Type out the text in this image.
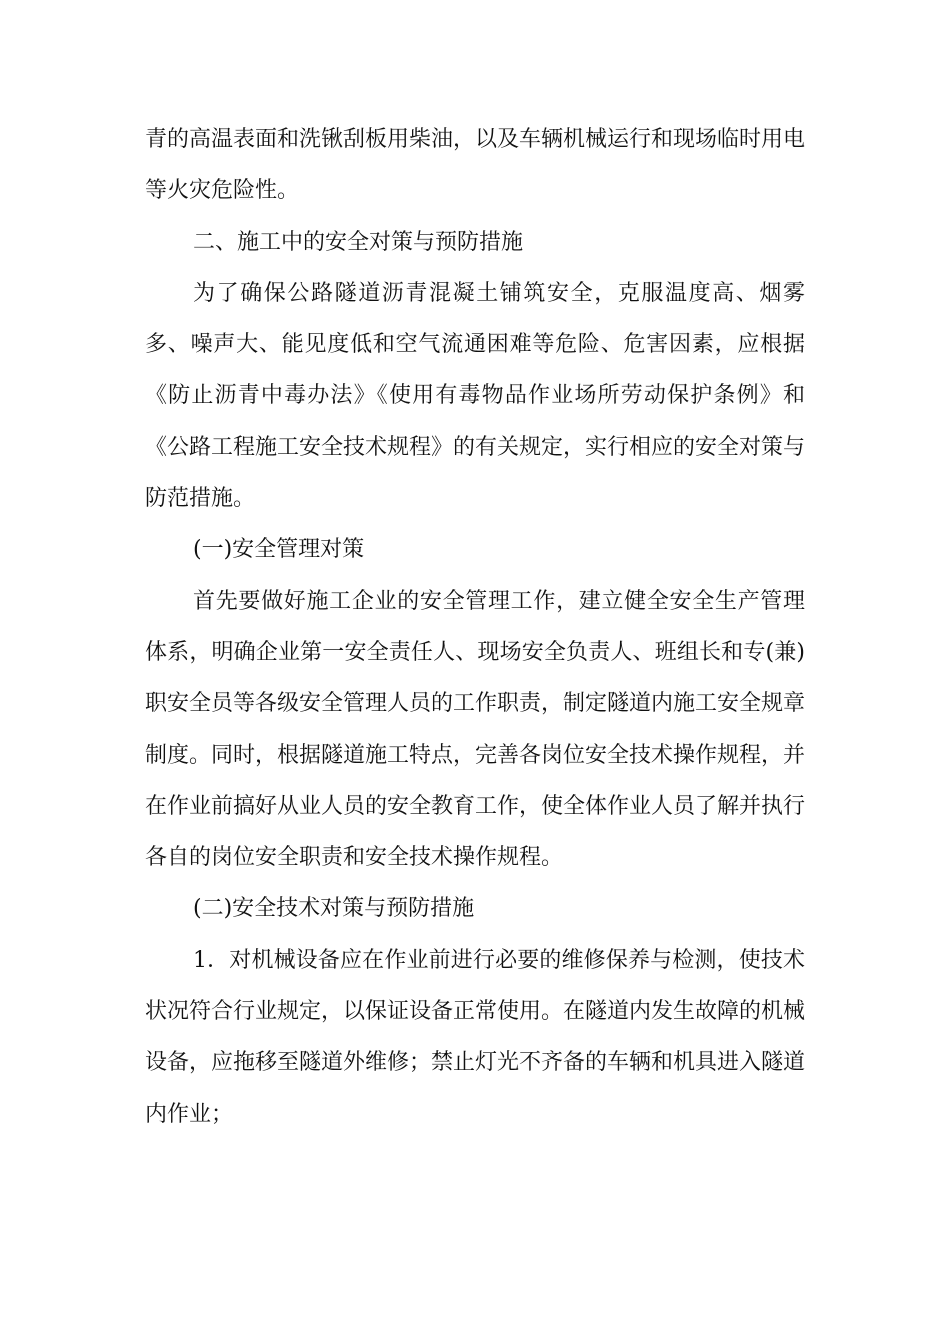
青的高温表面和洗锹刮板用柴油，以及车辆机械运行和现场临时用电等火灾危险性。

二、施工中的安全对策与预防措施

为了确保公路隧道沥青混凝土铺筑安全，克服温度高、烟雾多、噪声大、能见度低和空气流通困难等危险、危害因素，应根据《防止沥青中毒办法》《使用有毒物品作业场所劳动保护条例》和《公路工程施工安全技术规程》的有关规定，实行相应的安全对策与防范措施。

(一)安全管理对策

首先要做好施工企业的安全管理工作，建立健全安全生产管理体系，明确企业第一安全责任人、现场安全负责人、班组长和专(兼)职安全员等各级安全管理人员的工作职责，制定隧道内施工安全规章制度。同时，根据隧道施工特点，完善各岗位安全技术操作规程，并在作业前搞好从业人员的安全教育工作，使全体作业人员了解并执行各自的岗位安全职责和安全技术操作规程。

(二)安全技术对策与预防措施

1．对机械设备应在作业前进行必要的维修保养与检测，使技术状况符合行业规定，以保证设备正常使用。在隧道内发生故障的机械设备，应拖移至隧道外维修；禁止灯光不齐备的车辆和机具进入隧道内作业；
